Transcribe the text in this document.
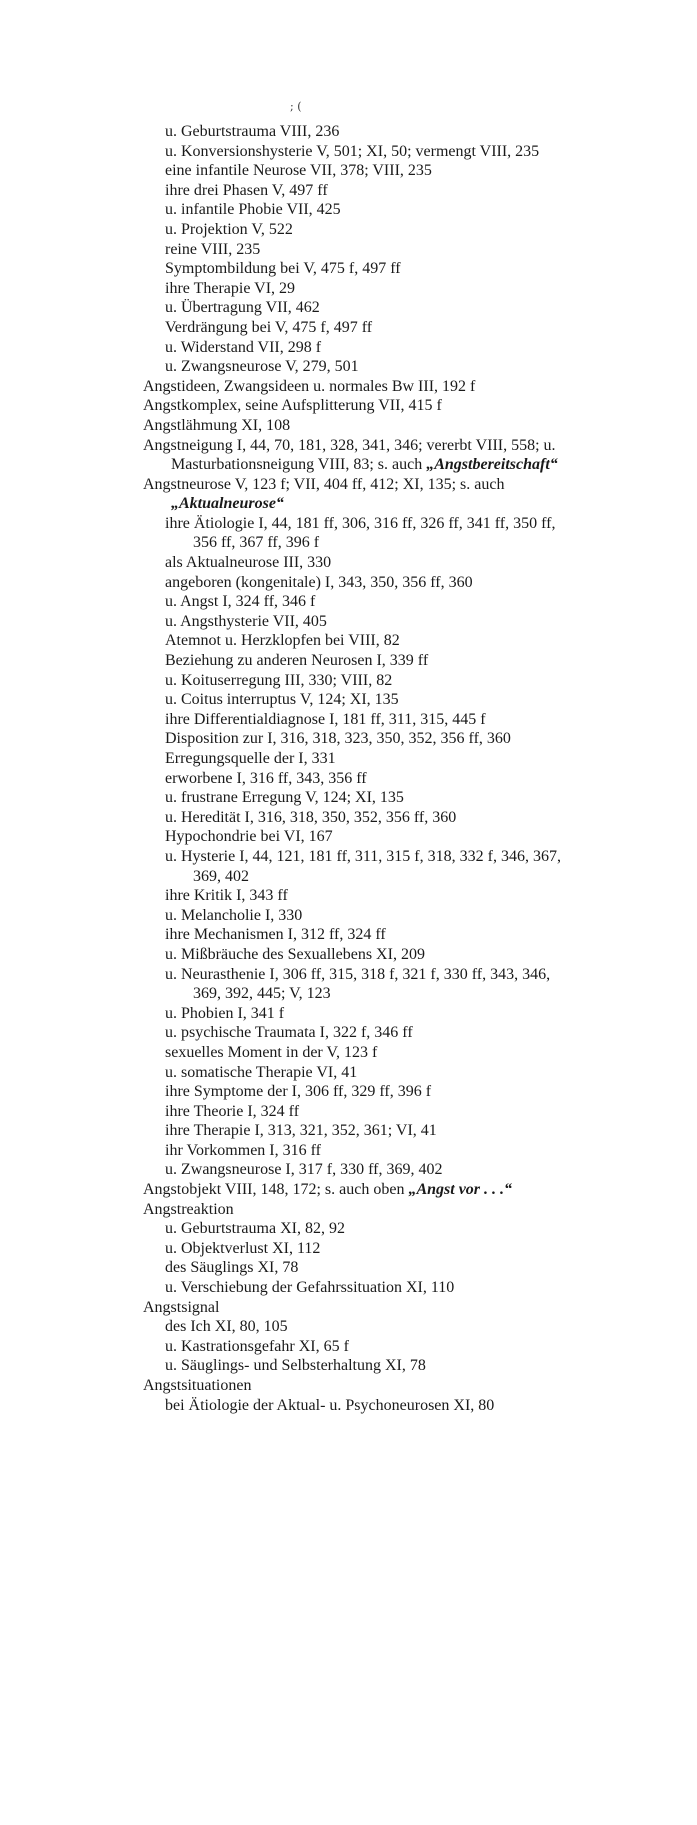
; (
u. Geburtstrauma VIII, 236
u. Konversionshysterie V, 501; XI, 50; vermengt VIII, 235
eine infantile Neurose VII, 378; VIII, 235
ihre drei Phasen V, 497 ff
u. infantile Phobie VII, 425
u. Projektion V, 522
reine VIII, 235
Symptombildung bei V, 475 f, 497 ff
ihre Therapie VI, 29
u. Übertragung VII, 462
Verdrängung bei V, 475 f, 497 ff
u. Widerstand VII, 298 f
u. Zwangsneurose V, 279, 501
Angstideen, Zwangsideen u. normales Bw III, 192 f
Angstkomplex, seine Aufsplitterung VII, 415 f
Angstlähmung XI, 108
Angstneigung I, 44, 70, 181, 328, 341, 346; vererbt VIII, 558; u. Masturbationsneigung VIII, 83; s. auch „Angstbereitschaft“
Angstneurose V, 123 f; VII, 404 ff, 412; XI, 135; s. auch „Aktualneurose“
ihre Ätiologie I, 44, 181 ff, 306, 316 ff, 326 ff, 341 ff, 350 ff, 356 ff, 367 ff, 396 f
als Aktualneurose III, 330
angeboren (kongenitale) I, 343, 350, 356 ff, 360
u. Angst I, 324 ff, 346 f
u. Angsthysterie VII, 405
Atemnot u. Herzklopfen bei VIII, 82
Beziehung zu anderen Neurosen I, 339 ff
u. Koituserregung III, 330; VIII, 82
u. Coitus interruptus V, 124; XI, 135
ihre Differentialdiagnose I, 181 ff, 311, 315, 445 f
Disposition zur I, 316, 318, 323, 350, 352, 356 ff, 360
Erregungsquelle der I, 331
erworbene I, 316 ff, 343, 356 ff
u. frustrane Erregung V, 124; XI, 135
u. Heredität I, 316, 318, 350, 352, 356 ff, 360
Hypochondrie bei VI, 167
u. Hysterie I, 44, 121, 181 ff, 311, 315 f, 318, 332 f, 346, 367, 369, 402
ihre Kritik I, 343 ff
u. Melancholie I, 330
ihre Mechanismen I, 312 ff, 324 ff
u. Mißbräuche des Sexuallebens XI, 209
u. Neurasthenie I, 306 ff, 315, 318 f, 321 f, 330 ff, 343, 346, 369, 392, 445; V, 123
u. Phobien I, 341 f
u. psychische Traumata I, 322 f, 346 ff
sexuelles Moment in der V, 123 f
u. somatische Therapie VI, 41
ihre Symptome der I, 306 ff, 329 ff, 396 f
ihre Theorie I, 324 ff
ihre Therapie I, 313, 321, 352, 361; VI, 41
ihr Vorkommen I, 316 ff
u. Zwangsneurose I, 317 f, 330 ff, 369, 402
Angstobjekt VIII, 148, 172; s. auch oben „Angst vor . . .“
Angstreaktion
u. Geburtstrauma XI, 82, 92
u. Objektverlust XI, 112
des Säuglings XI, 78
u. Verschiebung der Gefahrssituation XI, 110
Angstsignal
des Ich XI, 80, 105
u. Kastrationsgefahr XI, 65 f
u. Säuglings- und Selbsterhaltung XI, 78
Angstsituationen
bei Ätiologie der Aktual- u. Psychoneurosen XI, 80
